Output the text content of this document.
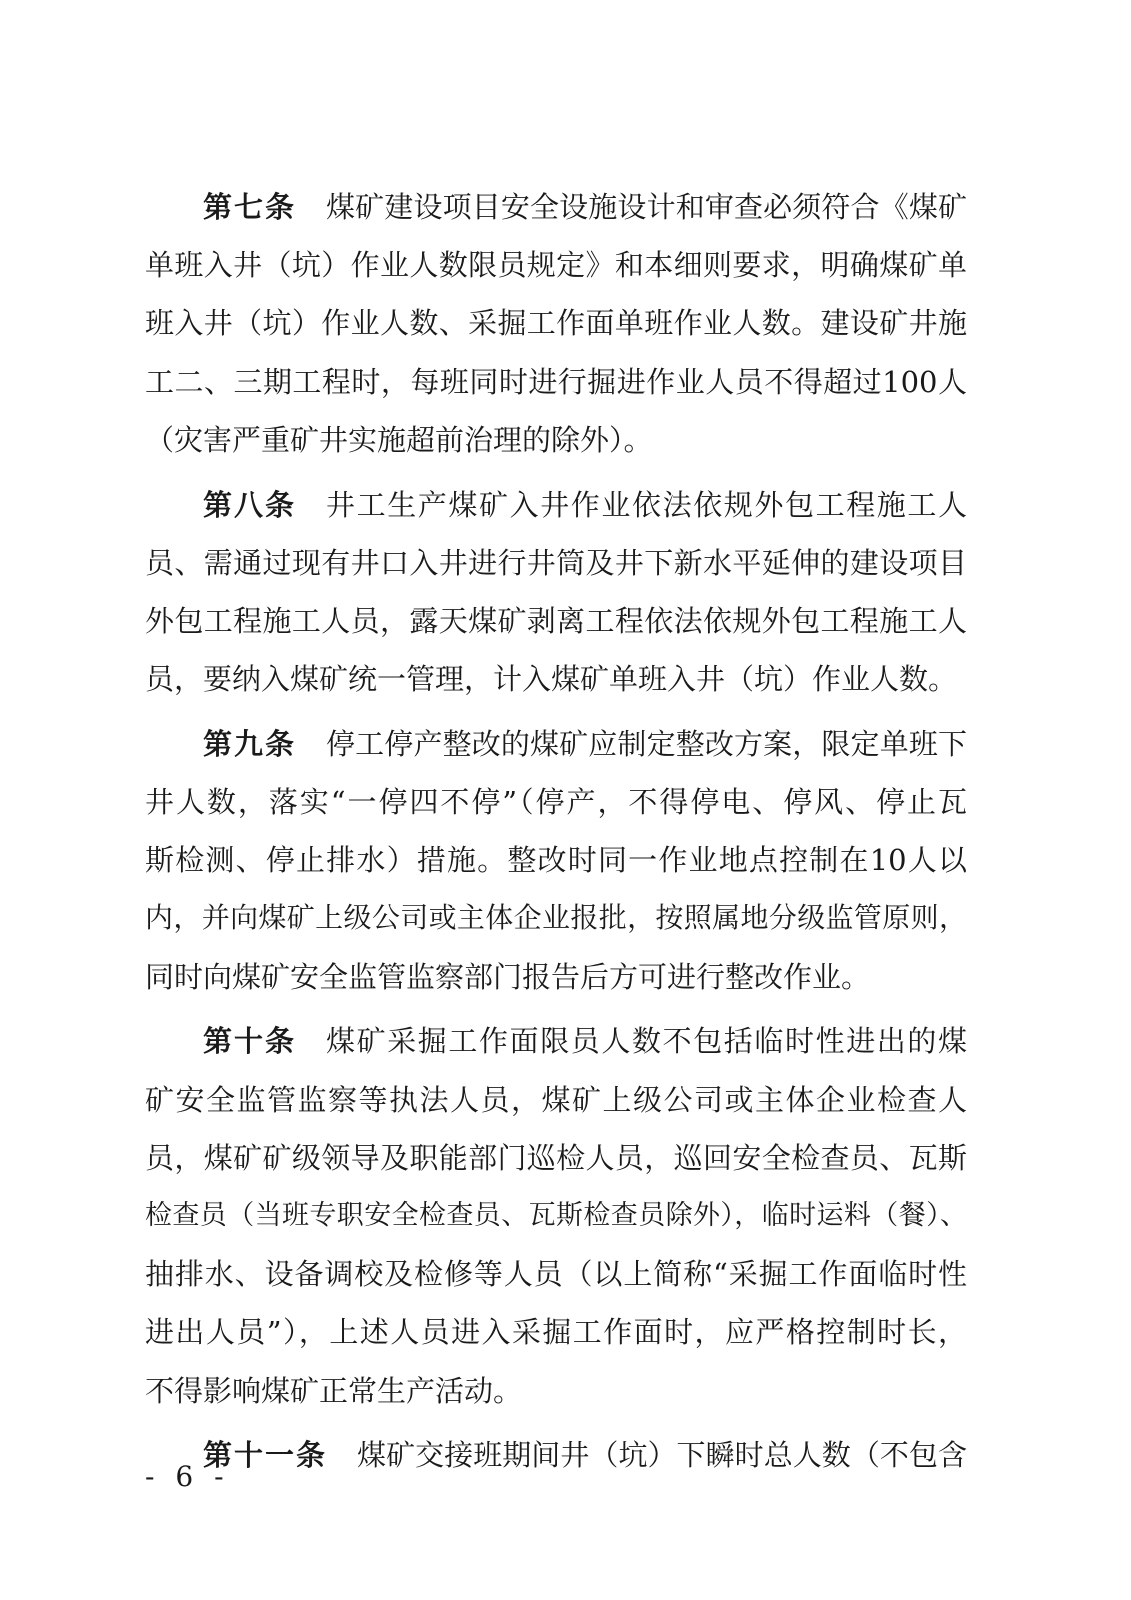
第七条 煤矿建设项目安全设施设计和审查必须符合《煤矿
单班入井（坑）作业人数限员规定》和本细则要求，明确煤矿单
班入井（坑）作业人数、采掘工作面单班作业人数。建设矿井施
工二、三期工程时，每班同时进行掘进作业人员不得超过100人
（灾害严重矿井实施超前治理的除外）。
第八条 井工生产煤矿入井作业依法依规外包工程施工人
员、需通过现有井口入井进行井筒及井下新水平延伸的建设项目
外包工程施工人员，露天煤矿剥离工程依法依规外包工程施工人
员，要纳入煤矿统一管理，计入煤矿单班入井（坑）作业人数。
第九条 停工停产整改的煤矿应制定整改方案，限定单班下
井人数，落实“一停四不停”（停产，不得停电、停风、停止瓦
斯检测、停止排水）措施。整改时同一作业地点控制在10人以
内，并向煤矿上级公司或主体企业报批，按照属地分级监管原则，
同时向煤矿安全监管监察部门报告后方可进行整改作业。
第十条 煤矿采掘工作面限员人数不包括临时性进出的煤
矿安全监管监察等执法人员，煤矿上级公司或主体企业检查人
员，煤矿矿级领导及职能部门巡检人员，巡回安全检查员、瓦斯
检查员（当班专职安全检查员、瓦斯检查员除外），临时运料（餐）、
抽排水、设备调校及检修等人员（以上简称“采掘工作面临时性
进出人员”），上述人员进入采掘工作面时，应严格控制时长，
不得影响煤矿正常生产活动。
第十一条 煤矿交接班期间井（坑）下瞬时总人数（不包含
- 6 -
